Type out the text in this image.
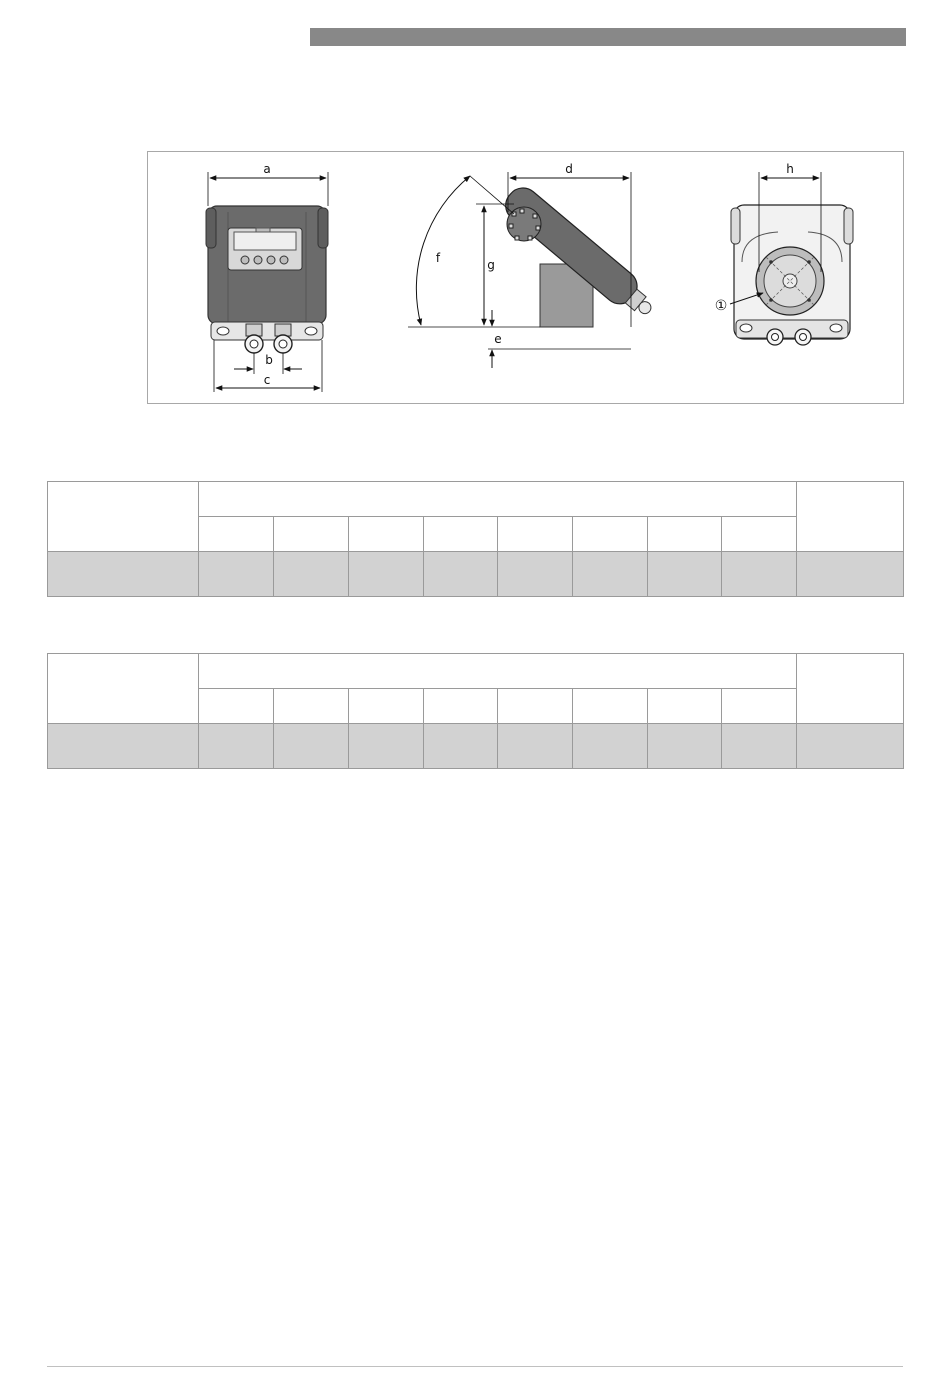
a
b
c
d
e
f	g
h
①
